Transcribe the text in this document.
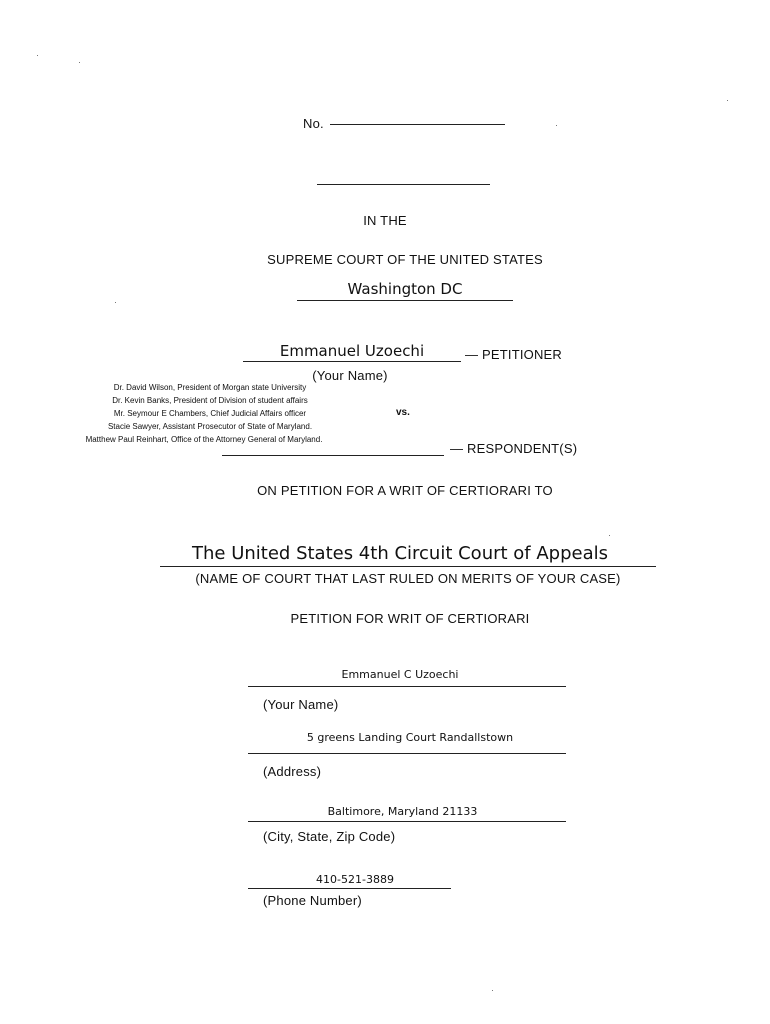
No.
IN THE
SUPREME COURT OF THE UNITED STATES
Washington DC
Emmanuel Uzoechi	— PETITIONER
(Your Name)
Dr. David Wilson, President of Morgan state University
Dr. Kevin Banks, President of Division of student affairs
Mr. Seymour E Chambers, Chief Judicial Affairs officer
Stacie Sawyer, Assistant Prosecutor of State of Maryland.
Matthew Paul Reinhart, Office of the Attorney General of Maryland.
vs.
— RESPONDENT(S)
ON PETITION FOR A WRIT OF CERTIORARI TO
The United States 4th Circuit Court of Appeals
(NAME OF COURT THAT LAST RULED ON MERITS OF YOUR CASE)
PETITION FOR WRIT OF CERTIORARI
Emmanuel C Uzoechi
(Your Name)
5 greens Landing Court Randallstown
(Address)
Baltimore, Maryland 21133
(City, State, Zip Code)
410-521-3889
(Phone Number)
